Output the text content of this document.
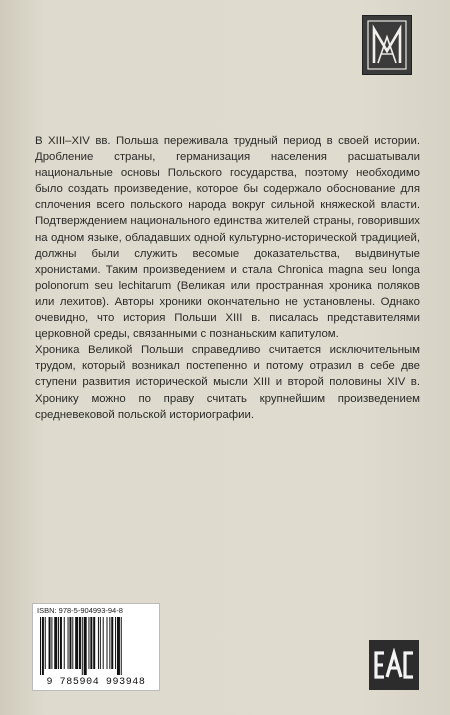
В XIII–XIV вв. Польша переживала трудный период в своей истории. Дробление страны, германизация населения расшатывали национальные основы Польского государства, поэтому необходимо было создать произведение, которое бы содержало обоснование для сплочения всего польского народа вокруг сильной княжеской власти. Подтверждением национального единства жителей страны, говоривших на одном языке, обладавших одной культурно-исторической традицией, должны были служить весомые доказательства, выдвинутые хронистами. Таким произведением и стала Chronica magna seu longa polonorum seu lechitarum (Великая или пространная хроника поляков или лехитов). Авторы хроники окончательно не установлены. Однако очевидно, что история Польши XIII в. писалась представителями церковной среды, связанными с познаньским капитулом.

Хроника Великой Польши справедливо считается исключительным трудом, который возникал постепенно и потому отразил в себе две ступени развития исторической мысли XIII и второй половины XIV в. Хронику можно по праву считать крупнейшим произведением средневековой польской историографии.

ISBN: 978-5-904993-94-8
9 785904 993948
